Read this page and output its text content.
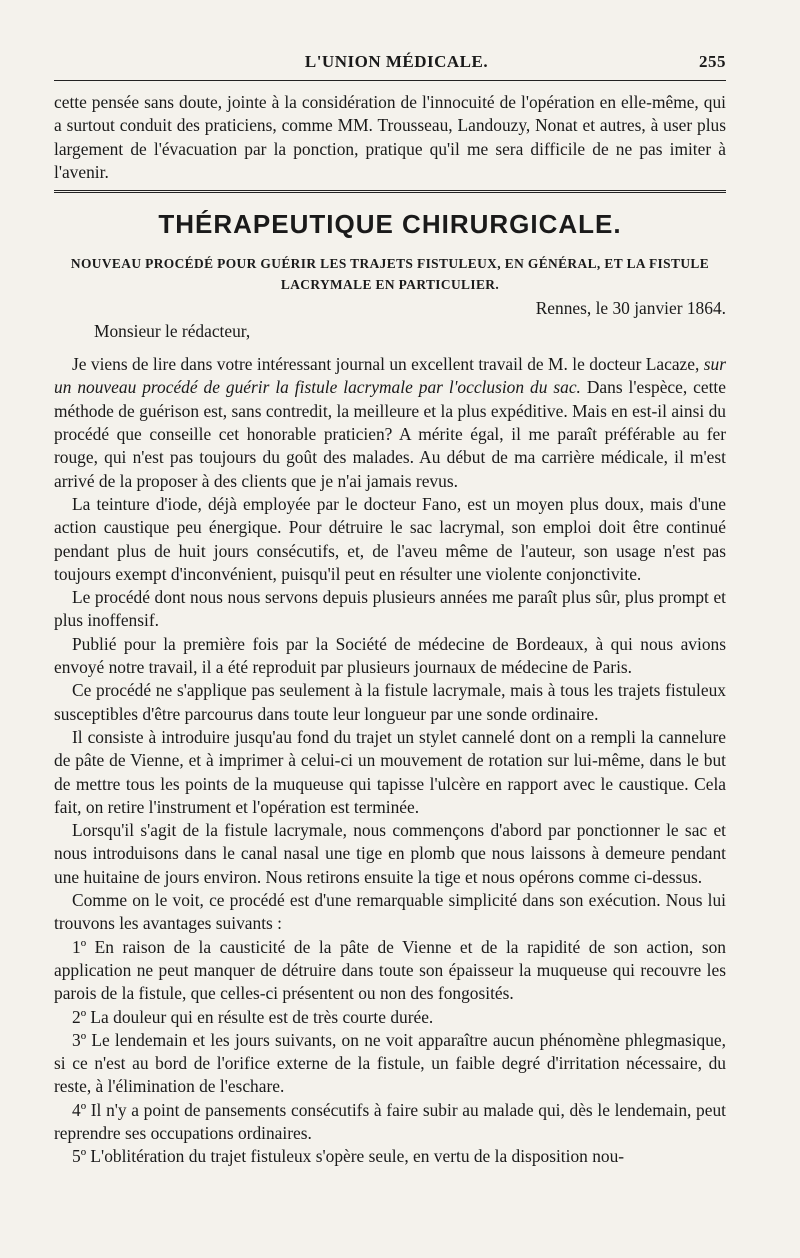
L'UNION MÉDICALE.	255

cette pensée sans doute, jointe à la considération de l'innocuité de l'opération en elle-même, qui a surtout conduit des praticiens, comme MM. Trousseau, Landouzy, Nonat et autres, à user plus largement de l'évacuation par la ponction, pratique qu'il me sera difficile de ne pas imiter à l'avenir.

THÉRAPEUTIQUE CHIRURGICALE.
NOUVEAU PROCÉDÉ POUR GUÉRIR LES TRAJETS FISTULEUX, EN GÉNÉRAL, ET LA FISTULE
LACRYMALE EN PARTICULIER.
Rennes, le 30 janvier 1864.
Monsieur le rédacteur,

Je viens de lire dans votre intéressant journal un excellent travail de M. le docteur Lacaze, sur un nouveau procédé de guérir la fistule lacrymale par l'occlusion du sac. Dans l'espèce, cette méthode de guérison est, sans contredit, la meilleure et la plus expéditive. Mais en est-il ainsi du procédé que conseille cet honorable praticien? A mérite égal, il me paraît préférable au fer rouge, qui n'est pas toujours du goût des malades. Au début de ma carrière médicale, il m'est arrivé de la proposer à des clients que je n'ai jamais revus.

La teinture d'iode, déjà employée par le docteur Fano, est un moyen plus doux, mais d'une action caustique peu énergique. Pour détruire le sac lacrymal, son emploi doit être continué pendant plus de huit jours consécutifs, et, de l'aveu même de l'auteur, son usage n'est pas toujours exempt d'inconvénient, puisqu'il peut en résulter une violente conjonctivite.

Le procédé dont nous nous servons depuis plusieurs années me paraît plus sûr, plus prompt et plus inoffensif.

Publié pour la première fois par la Société de médecine de Bordeaux, à qui nous avions envoyé notre travail, il a été reproduit par plusieurs journaux de médecine de Paris.

Ce procédé ne s'applique pas seulement à la fistule lacrymale, mais à tous les trajets fistuleux susceptibles d'être parcourus dans toute leur longueur par une sonde ordinaire.

Il consiste à introduire jusqu'au fond du trajet un stylet cannelé dont on a rempli la cannelure de pâte de Vienne, et à imprimer à celui-ci un mouvement de rotation sur lui-même, dans le but de mettre tous les points de la muqueuse qui tapisse l'ulcère en rapport avec le caustique. Cela fait, on retire l'instrument et l'opération est terminée.

Lorsqu'il s'agit de la fistule lacrymale, nous commençons d'abord par ponctionner le sac et nous introduisons dans le canal nasal une tige en plomb que nous laissons à demeure pendant une huitaine de jours environ. Nous retirons ensuite la tige et nous opérons comme ci-dessus.

Comme on le voit, ce procédé est d'une remarquable simplicité dans son exécution. Nous lui trouvons les avantages suivants :

1º En raison de la causticité de la pâte de Vienne et de la rapidité de son action, son application ne peut manquer de détruire dans toute son épaisseur la muqueuse qui recouvre les parois de la fistule, que celles-ci présentent ou non des fongosités.

2º La douleur qui en résulte est de très courte durée.

3º Le lendemain et les jours suivants, on ne voit apparaître aucun phénomène phlegmasique, si ce n'est au bord de l'orifice externe de la fistule, un faible degré d'irritation nécessaire, du reste, à l'élimination de l'eschare.

4º Il n'y a point de pansements consécutifs à faire subir au malade qui, dès le lendemain, peut reprendre ses occupations ordinaires.

5º L'oblitération du trajet fistuleux s'opère seule, en vertu de la disposition nou-
